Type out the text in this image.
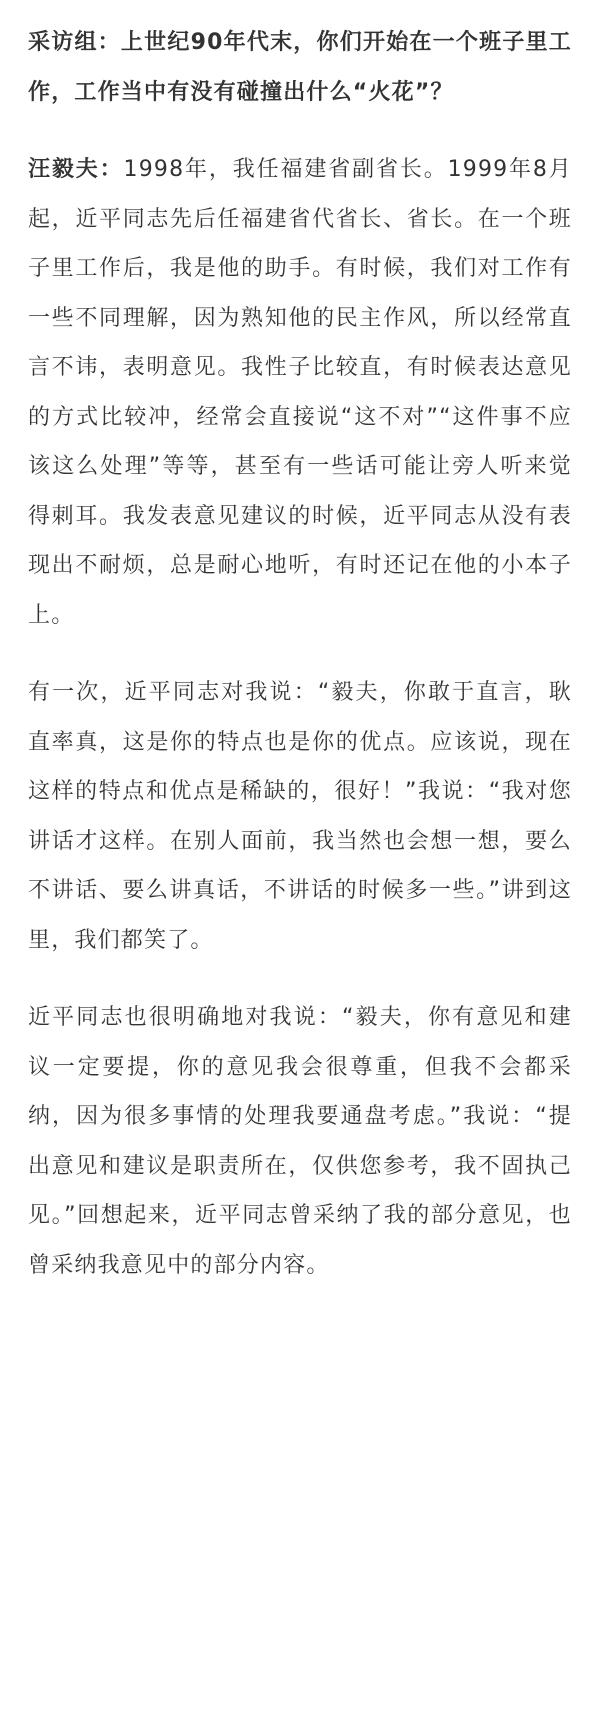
采访组：上世纪90年代末，你们开始在一个班子里工作，工作当中有没有碰撞出什么“火花”？

汪毅夫：1998年，我任福建省副省长。1999年8月起，近平同志先后任福建省代省长、省长。在一个班子里工作后，我是他的助手。有时候，我们对工作有一些不同理解，因为熟知他的民主作风，所以经常直言不讳，表明意见。我性子比较直，有时候表达意见的方式比较冲，经常会直接说“这不对”“这件事不应该这么处理”等等，甚至有一些话可能让旁人听来觉得刺耳。我发表意见建议的时候，近平同志从没有表现出不耐烦，总是耐心地听，有时还记在他的小本子上。

有一次，近平同志对我说：“毅夫，你敢于直言，耿直率真，这是你的特点也是你的优点。应该说，现在这样的特点和优点是稀缺的，很好！”我说：“我对您讲话才这样。在别人面前，我当然也会想一想，要么不讲话、要么讲真话，不讲话的时候多一些。”讲到这里，我们都笑了。

近平同志也很明确地对我说：“毅夫，你有意见和建议一定要提，你的意见我会很尊重，但我不会都采纳，因为很多事情的处理我要通盘考虑。”我说：“提出意见和建议是职责所在，仅供您参考，我不固执己见。”回想起来，近平同志曾采纳了我的部分意见，也曾采纳我意见中的部分内容。
